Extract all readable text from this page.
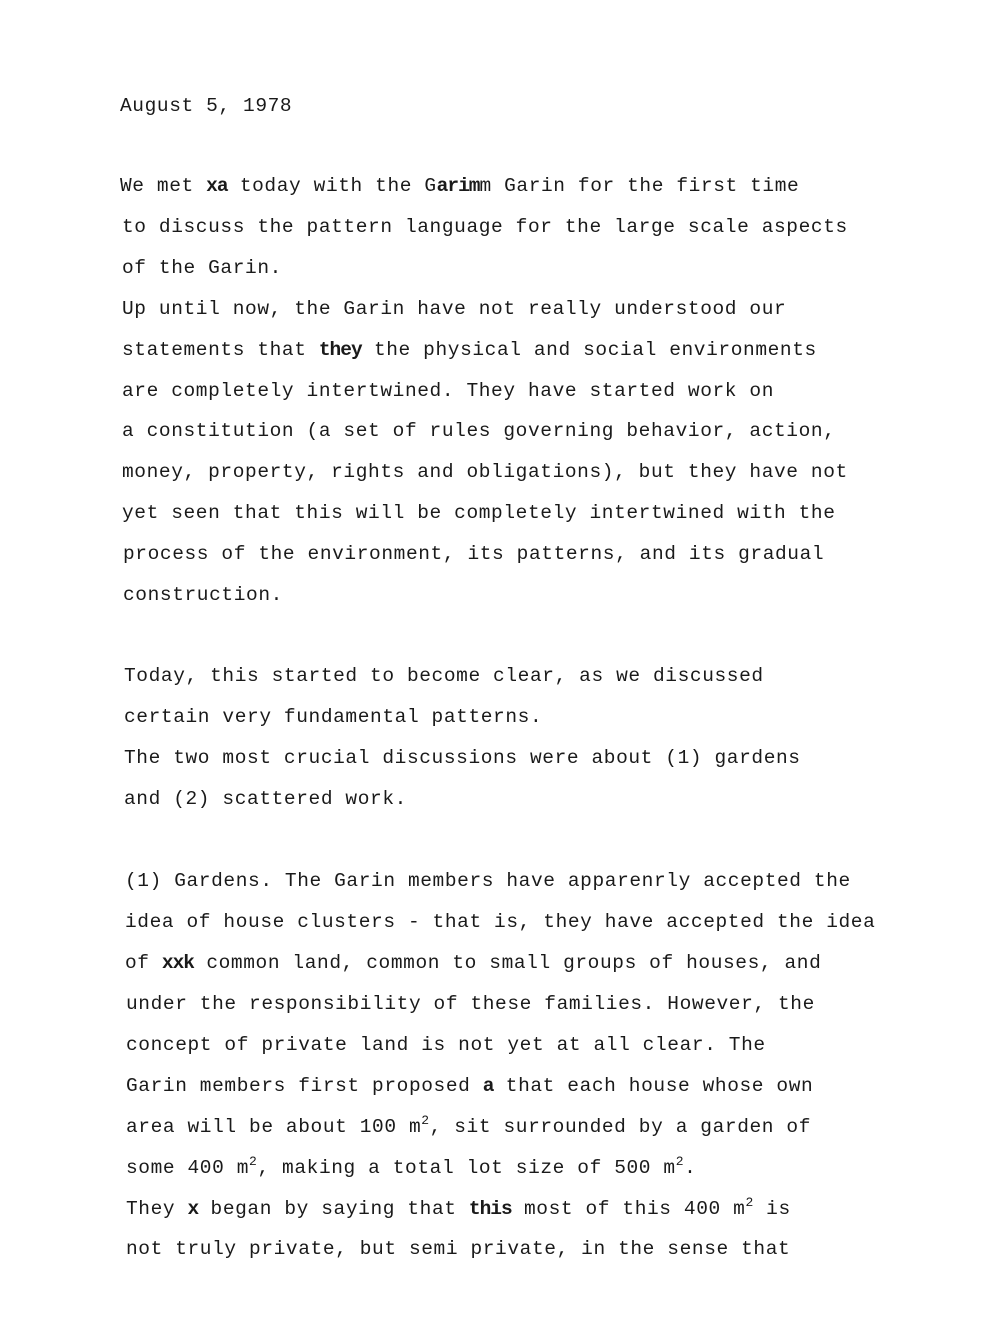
August 5, 1978
We met xa today with the Garimm Garin for the first time
to discuss the pattern language for the large scale aspects
of the Garin.
Up until now, the Garin have not really understood our
statements that they the physical and social environments
are completely intertwined. They have started work on
a constitution (a set of rules governing behavior, action,
money, property, rights and obligations), but they have not
yet seen that this will be completely intertwined with the
process of the environment, its patterns, and its gradual
construction.
Today, this started to become clear, as we discussed
certain very fundamental patterns.
The two most crucial discussions were about (1) gardens
and (2) scattered work.
(1) Gardens. The Garin members have apparenrly accepted the
idea of house clusters - that is, they have accepted the idea
of xxk common land, common to small groups of houses, and
under the responsibility of these families. However, the
concept of private land is not yet at all clear. The
Garin members first proposed a that each house whose own
area will be about 100 $m^2$, sit surrounded by a garden of
some 400 $m^2$, making a total lot size of 500 $m^2$.
They x began by saying that this most of this 400 $m^2$ is
not truly private, but semi private, in the sense that
